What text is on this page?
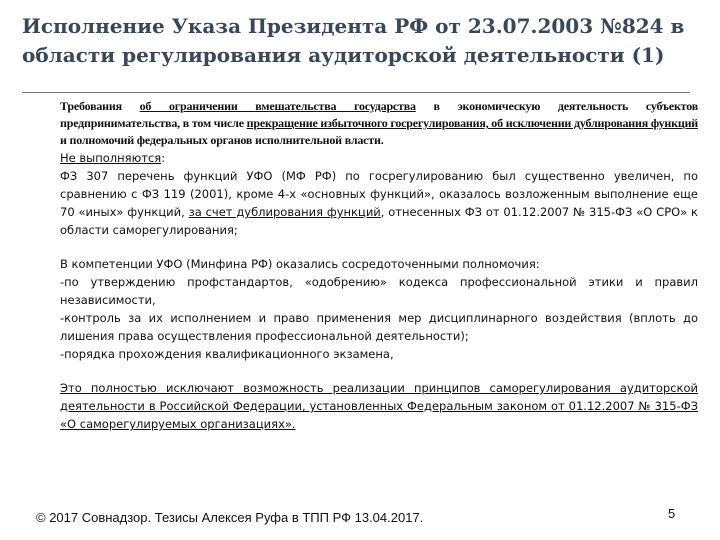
Исполнение Указа Президента РФ от 23.07.2003 №824 в области регулирования аудиторской деятельности (1)

Требования об ограничении вмешательства государства в экономическую деятельность субъектов предпринимательства, в том числе прекращение избыточного госрегулирования, об исключении дублирования функций и полномочий федеральных органов исполнительной власти.

Не выполняются:

ФЗ 307 перечень функций УФО (МФ РФ) по госрегулированию был существенно увеличен, по сравнению с ФЗ 119 (2001), кроме 4-х «основных функций», оказалось возложенным выполнение еще 70 «иных» функций, за счет дублирования функций, отнесенных ФЗ от 01.12.2007 № 315-ФЗ «О СРО» к области саморегулирования;

В компетенции УФО (Минфина РФ) оказались сосредоточенными полномочия:

-по утверждению профстандартов, «одобрению» кодекса профессиональной этики и правил независимости,

-контроль за их исполнением и право применения мер дисциплинарного воздействия (вплоть до лишения права осуществления профессиональной деятельности);

-порядка прохождения квалификационного экзамена,

Это полностью исключают возможность реализации принципов саморегулирования аудиторской деятельности в Российской Федерации, установленных Федеральным законом от 01.12.2007 № 315-ФЗ «О саморегулируемых организациях».

© 2017 Совнадзор. Тезисы Алексея Руфа в ТПП РФ 13.04.2017.	5
